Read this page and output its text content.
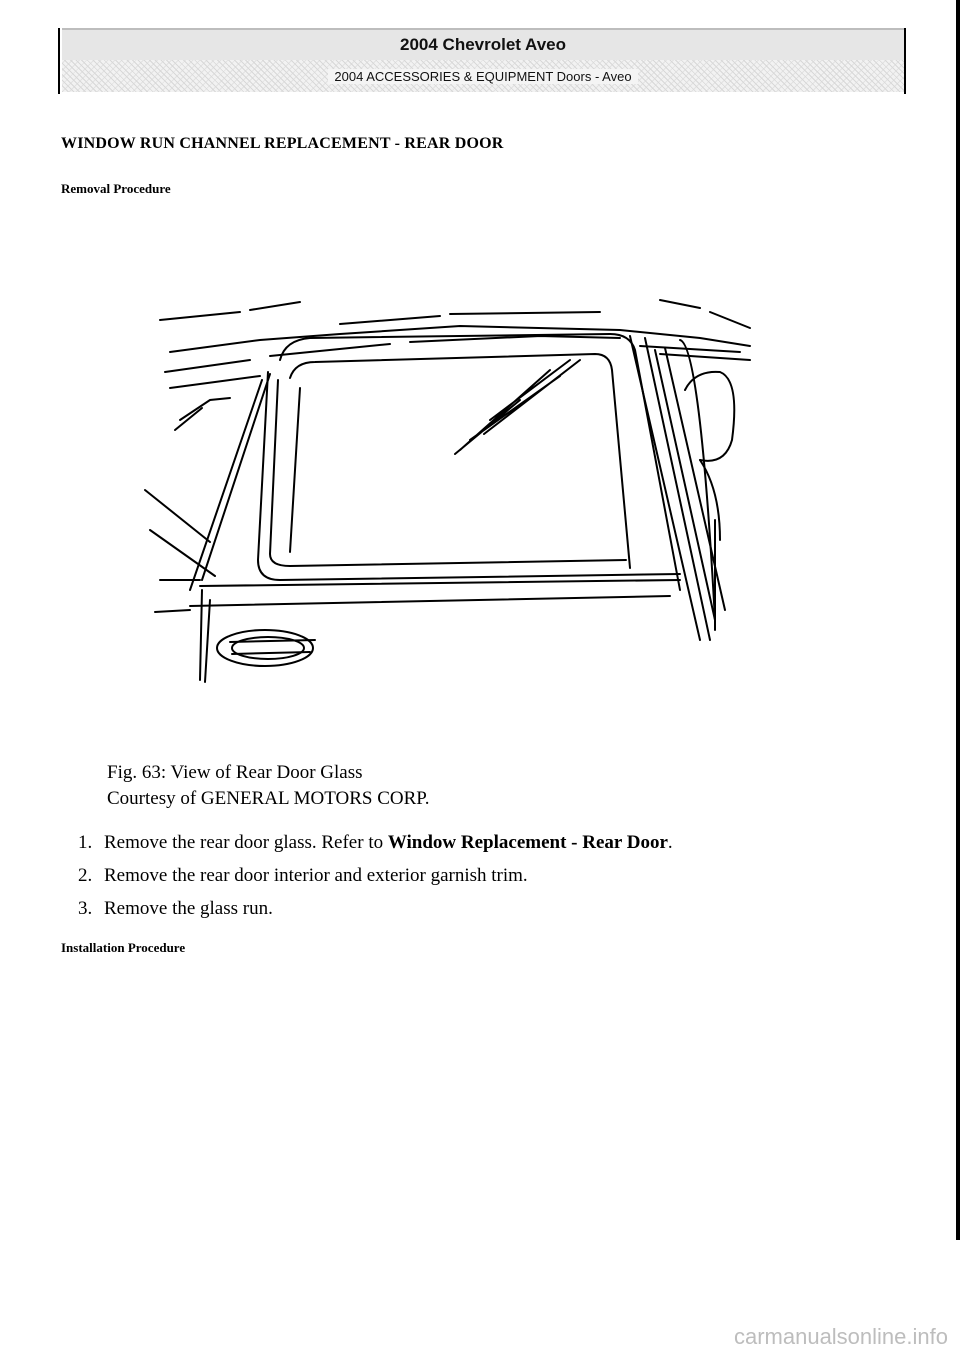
2004 Chevrolet Aveo
2004 ACCESSORIES & EQUIPMENT Doors - Aveo
WINDOW RUN CHANNEL REPLACEMENT - REAR DOOR
Removal Procedure
Fig. 63: View of Rear Door Glass
Courtesy of GENERAL MOTORS CORP.
1. Remove the rear door glass. Refer to Window Replacement - Rear Door.
2. Remove the rear door interior and exterior garnish trim.
3. Remove the glass run.
Installation Procedure
carmanualsonline.info
